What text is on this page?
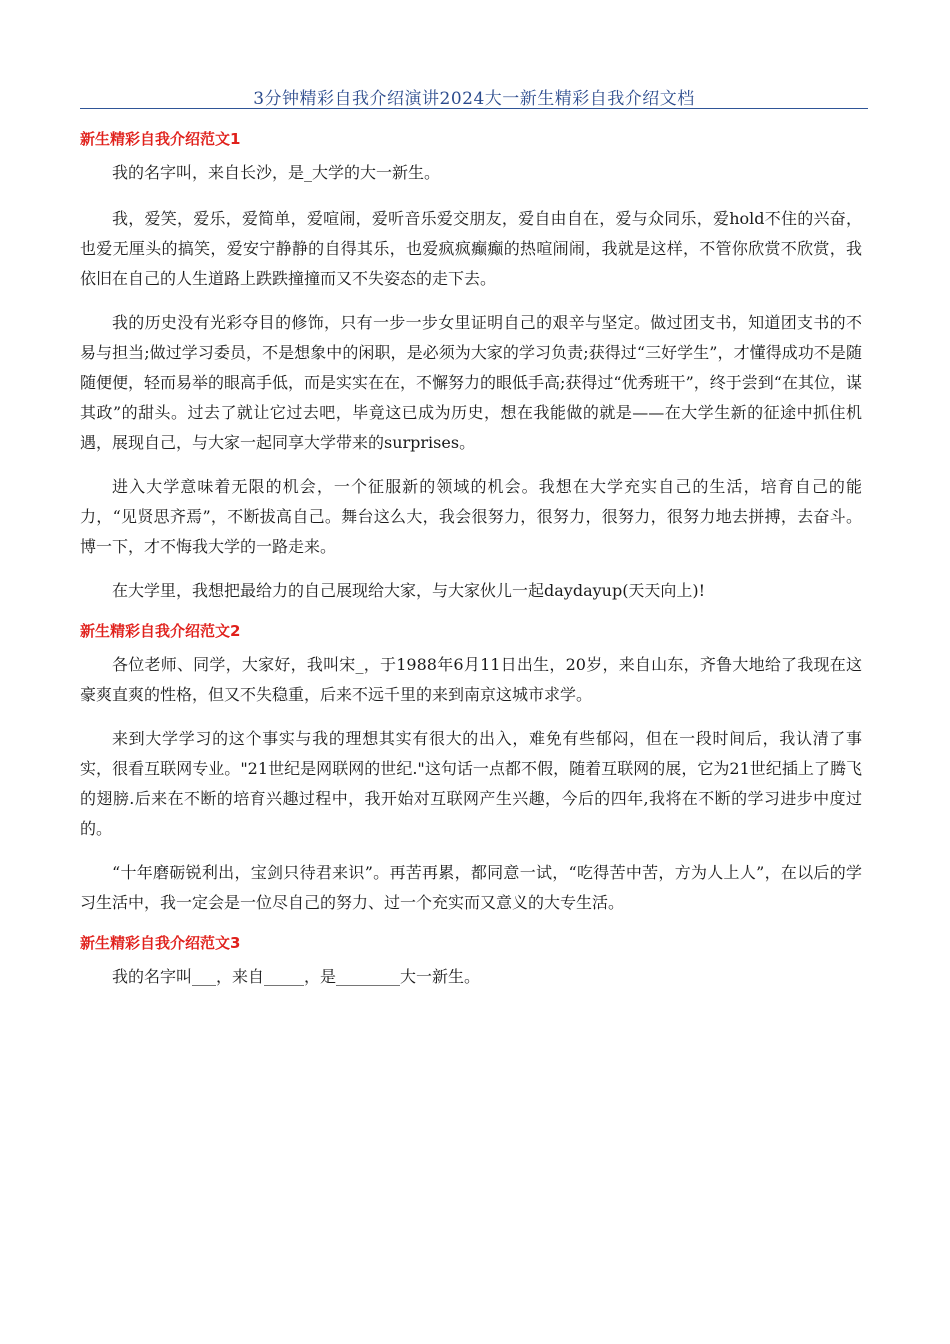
3分钟精彩自我介绍演讲2024大一新生精彩自我介绍文档
新生精彩自我介绍范文1

我的名字叫，来自长沙，是_大学的大一新生。

我，爱笑，爱乐，爱简单，爱喧闹，爱听音乐爱交朋友，爱自由自在，爱与众同乐，爱hold不住的兴奋，也爱无厘头的搞笑，爱安宁静静的自得其乐，也爱疯疯癫癫的热喧闹闹，我就是这样，不管你欣赏不欣赏，我依旧在自己的人生道路上跌跌撞撞而又不失姿态的走下去。

我的历史没有光彩夺目的修饰，只有一步一步女里证明自己的艰辛与坚定。做过团支书，知道团支书的不易与担当;做过学习委员，不是想象中的闲职，是必须为大家的学习负责;获得过“三好学生”，才懂得成功不是随随便便，轻而易举的眼高手低，而是实实在在，不懈努力的眼低手高;获得过“优秀班干”，终于尝到“在其位，谋其政”的甜头。过去了就让它过去吧，毕竟这已成为历史，想在我能做的就是——在大学生新的征途中抓住机遇，展现自己，与大家一起同享大学带来的surprises。

进入大学意味着无限的机会，一个征服新的领域的机会。我想在大学充实自己的生活，培育自己的能力，“见贤思齐焉”，不断拔高自己。舞台这么大，我会很努力，很努力，很努力，很努力地去拼搏，去奋斗。博一下，才不悔我大学的一路走来。

在大学里，我想把最给力的自己展现给大家，与大家伙儿一起daydayup(天天向上)!

新生精彩自我介绍范文2

各位老师、同学，大家好，我叫宋_，于1988年6月11日出生，20岁，来自山东，齐鲁大地给了我现在这豪爽直爽的性格，但又不失稳重，后来不远千里的来到南京这城市求学。

来到大学学习的这个事实与我的理想其实有很大的出入，难免有些郁闷，但在一段时间后，我认清了事实，很看互联网专业。"21世纪是网联网的世纪."这句话一点都不假，随着互联网的展，它为21世纪插上了腾飞的翅膀.后来在不断的培育兴趣过程中，我开始对互联网产生兴趣，今后的四年,我将在不断的学习进步中度过的。

“十年磨砺锐利出，宝剑只待君来识”。再苦再累，都同意一试，“吃得苦中苦，方为人上人”，在以后的学习生活中，我一定会是一位尽自己的努力、过一个充实而又意义的大专生活。

新生精彩自我介绍范文3

我的名字叫___，来自_____，是________大一新生。
